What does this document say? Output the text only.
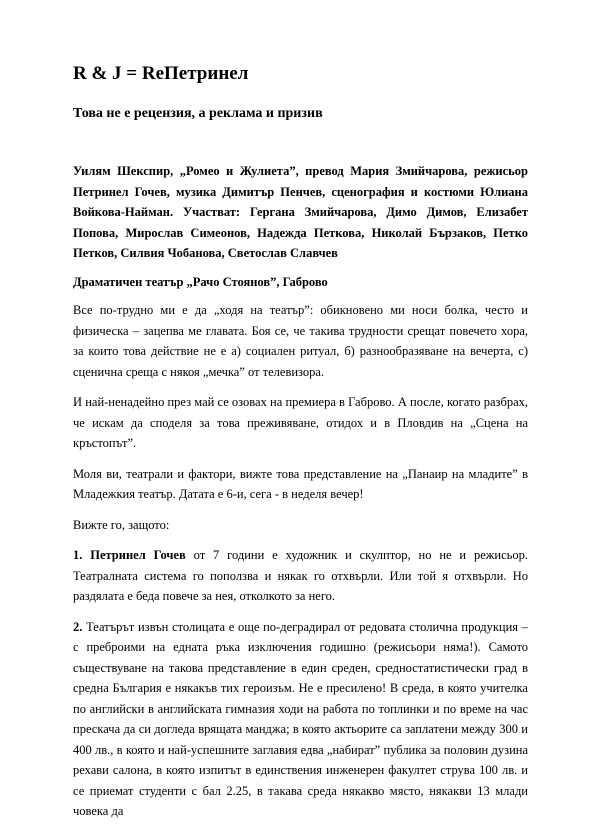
R & J = ReПетринел
Това не е рецензия, а реклама и призив

Уилям Шекспир, „Ромео и Жулиета”, превод Мария Змийчарова, режисьор Петринел Гочев, музика Димитър Пенчев, сценография и костюми Юлиана Войкова-Найман. Участват: Гергана Змийчарова, Димо Димов, Елизабет Попова, Мирослав Симеонов, Надежда Петкова, Николай Бързаков, Петко Петков, Силвия Чобанова, Светослав Славчев

Драматичен театър „Рачо Стоянов”, Габрово

Все по-трудно ми е да „ходя на театър”: обикновено ми носи болка, често и физическа – зацепва ме главата. Боя се, че такива трудности срещат повечето хора, за които това действие не е а) социален ритуал, б) разнообразяване на вечерта, с) сценична среща с някоя „мечка” от телевизора.

И най-ненадейно през май се озовах на премиера в Габрово. А после, когато разбрах, че искам да споделя за това преживяване, отидох и в Пловдив на „Сцена на кръстопът”.

Моля ви, театрали и фактори, вижте това представление на „Панаир на младите” в Младежкия театър. Датата е 6-и, сега - в неделя вечер!

Вижте го, защото:

1. Петринел Гочев от 7 години е художник и скулптор, но не и режисьор. Театралната система го поползва и някак го отхвърли. Или той я отхвърли. Но раздялата е беда повече за нея, отколкото за него.

2. Театърът извън столицата е още по-деградирал от редовата столична продукция – с преброими на едната ръка изключения годишно (режисьори няма!). Самото съществуване на такова представление в един среден, средностатистически град в средна България е някакъв тих героизъм. Не е пресилено! В среда, в която учителка по английски в английската гимназия ходи на работа по топлинки и по време на час прескача да си догледа врящата манджа; в която актьорите са заплатени между 300 и 400 лв., в която и най-успешните заглавия едва „набират” публика за половин дузина рехави салона, в която изпитът в единствения инженерен факултет струва 100 лв. и се приемат студенти с бал 2.25, в такава среда някакво място, някакви 13 млади човека да
